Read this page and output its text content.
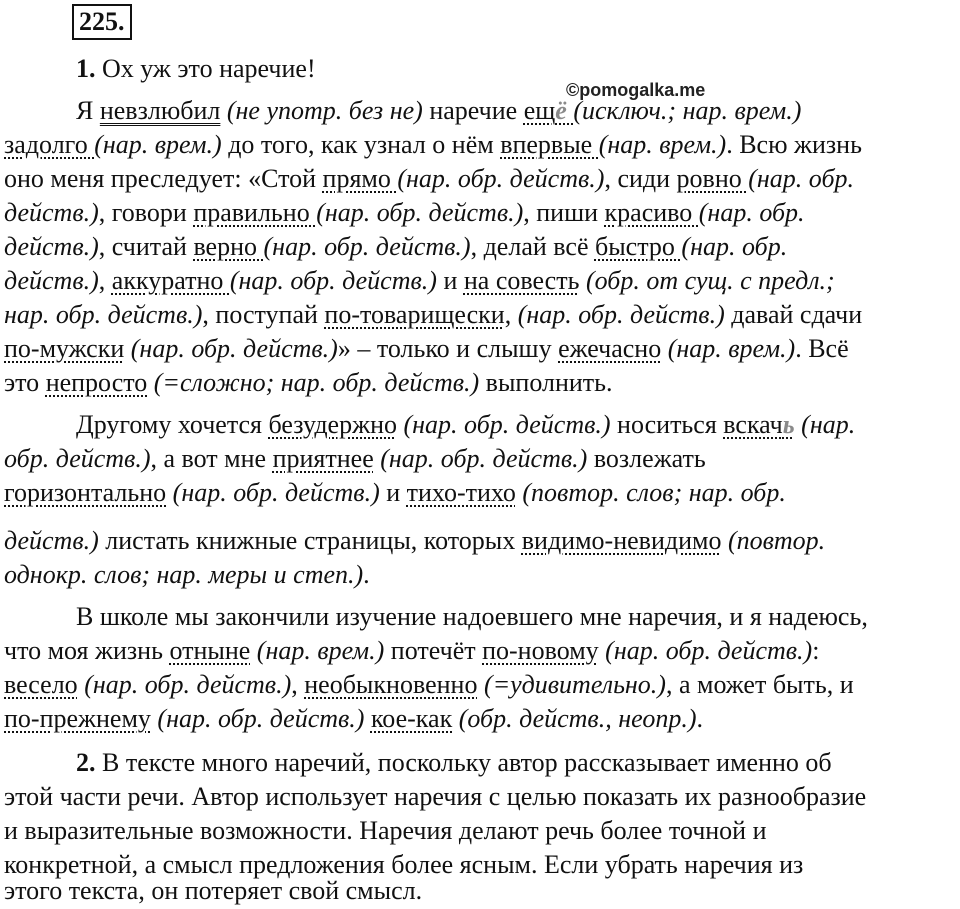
225.
©pomogalka.me
1. Ох уж это наречие!
Я невзлюбил (не употр. без не) наречие ещё (исключ.; нар. врем.)
задолго (нар. врем.) до того, как узнал о нём впервые (нар. врем.). Всю жизнь
оно меня преследует: «Стой прямо (нар. обр. действ.), сиди ровно (нар. обр.
действ.), говори правильно (нар. обр. действ.), пиши красиво (нар. обр.
действ.), считай верно (нар. обр. действ.), делай всё быстро (нар. обр.
действ.), аккуратно (нар. обр. действ.) и на совесть (обр. от сущ. с предл.;
нар. обр. действ.), поступай по-товарищески, (нар. обр. действ.) давай сдачи
по-мужски (нар. обр. действ.)» – только и слышу ежечасно (нар. врем.). Всё
это непросто (=сложно; нар. обр. действ.) выполнить.
Другому хочется безудержно (нар. обр. действ.) носиться вскачь (нар.
обр. действ.), а вот мне приятнее (нар. обр. действ.) возлежать
горизонтально (нар. обр. действ.) и тихо-тихо (повтор. слов; нар. обр.
действ.) листать книжные страницы, которых видимо-невидимо (повтор.
однокр. слов; нар. меры и степ.).
В школе мы закончили изучение надоевшего мне наречия, и я надеюсь,
что моя жизнь отныне (нар. врем.) потечёт по-новому (нар. обр. действ.):
весело (нар. обр. действ.), необыкновенно (=удивительно.), а может быть, и
по-прежнему (нар. обр. действ.) кое-как (обр. действ., неопр.).
2. В тексте много наречий, поскольку автор рассказывает именно об
этой части речи. Автор использует наречия с целью показать их разнообразие
и выразительные возможности. Наречия делают речь более точной и
конкретной, а смысл предложения более ясным. Если убрать наречия из
этого текста, он потеряет свой смысл.
